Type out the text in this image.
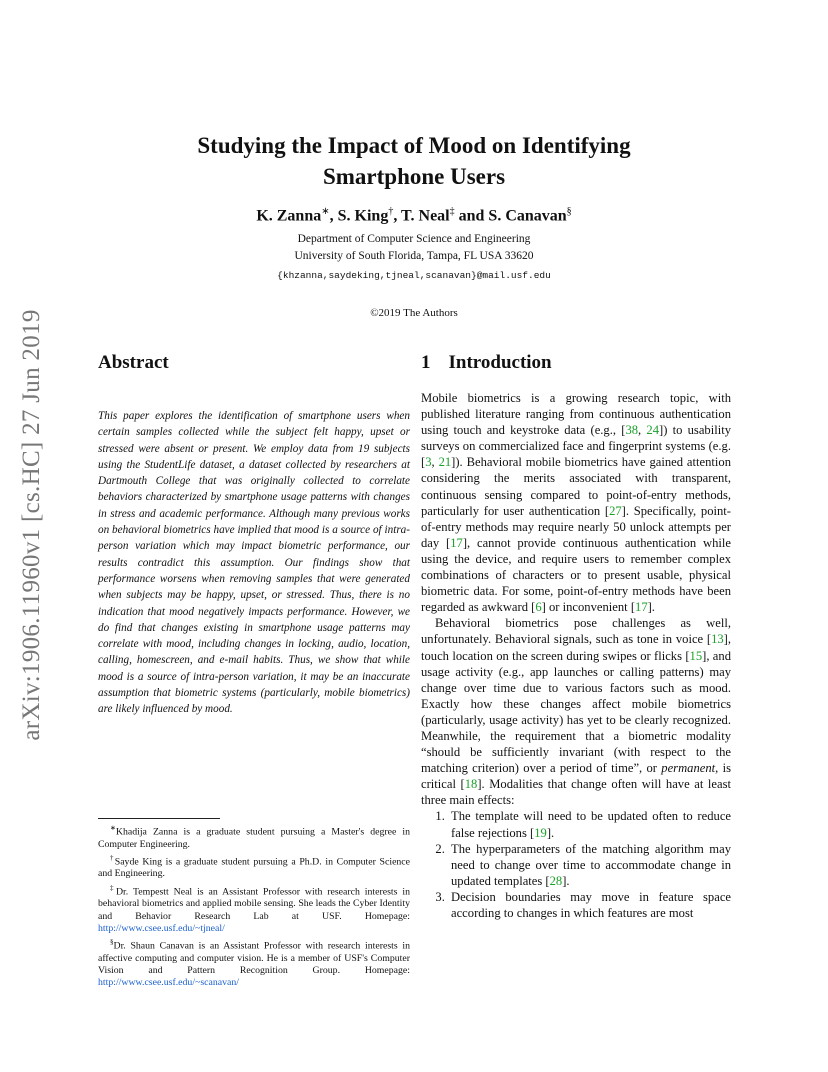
arXiv:1906.11960v1 [cs.HC] 27 Jun 2019
Studying the Impact of Mood on Identifying
Smartphone Users
K. Zanna∗, S. King†, T. Neal‡ and S. Canavan§
Department of Computer Science and Engineering
University of South Florida, Tampa, FL USA 33620
{khzanna,saydeking,tjneal,scanavan}@mail.usf.edu
©2019 The Authors
Abstract
This paper explores the identification of smartphone users when certain samples collected while the subject felt happy, upset or stressed were absent or present. We employ data from 19 subjects using the StudentLife dataset, a dataset collected by researchers at Dartmouth College that was originally collected to correlate behaviors characterized by smartphone usage patterns with changes in stress and academic performance. Although many previous works on behavioral biometrics have implied that mood is a source of intra-person variation which may impact biometric performance, our results contradict this assumption. Our findings show that performance worsens when removing samples that were generated when subjects may be happy, upset, or stressed. Thus, there is no indication that mood negatively impacts performance. However, we do find that changes existing in smartphone usage patterns may correlate with mood, including changes in locking, audio, location, calling, homescreen, and e-mail habits. Thus, we show that while mood is a source of intra-person variation, it may be an inaccurate assumption that biometric systems (particularly, mobile biometrics) are likely influenced by mood.

∗Khadija Zanna is a graduate student pursuing a Master's degree in Computer Engineering.

†Sayde King is a graduate student pursuing a Ph.D. in Computer Science and Engineering.

‡Dr. Tempestt Neal is an Assistant Professor with research interests in behavioral biometrics and applied mobile sensing. She leads the Cyber Identity and Behavior Research Lab at USF. Homepage: http://www.csee.usf.edu/~tjneal/

§Dr. Shaun Canavan is an Assistant Professor with research interests in affective computing and computer vision. He is a member of USF's Computer Vision and Pattern Recognition Group. Homepage: http://www.csee.usf.edu/~scanavan/

1 Introduction

Mobile biometrics is a growing research topic, with published literature ranging from continuous authentication using touch and keystroke data (e.g., [38, 24]) to usability surveys on commercialized face and fingerprint systems (e.g. [3, 21]). Behavioral mobile biometrics have gained attention considering the merits associated with transparent, continuous sensing compared to point-of-entry methods, particularly for user authentication [27]. Specifically, point-of-entry methods may require nearly 50 unlock attempts per day [17], cannot provide continuous authentication while using the device, and require users to remember complex combinations of characters or to present usable, physical biometric data. For some, point-of-entry methods have been regarded as awkward [6] or inconvenient [17].

Behavioral biometrics pose challenges as well, unfortunately. Behavioral signals, such as tone in voice [13], touch location on the screen during swipes or flicks [15], and usage activity (e.g., app launches or calling patterns) may change over time due to various factors such as mood. Exactly how these changes affect mobile biometrics (particularly, usage activity) has yet to be clearly recognized. Meanwhile, the requirement that a biometric modality “should be sufficiently invariant (with respect to the matching criterion) over a period of time”, or permanent, is critical [18]. Modalities that change often will have at least three main effects:

1. The template will need to be updated often to reduce false rejections [19].
2. The hyperparameters of the matching algorithm may need to change over time to accommodate change in updated templates [28].
3. Decision boundaries may move in feature space according to changes in which features are most
